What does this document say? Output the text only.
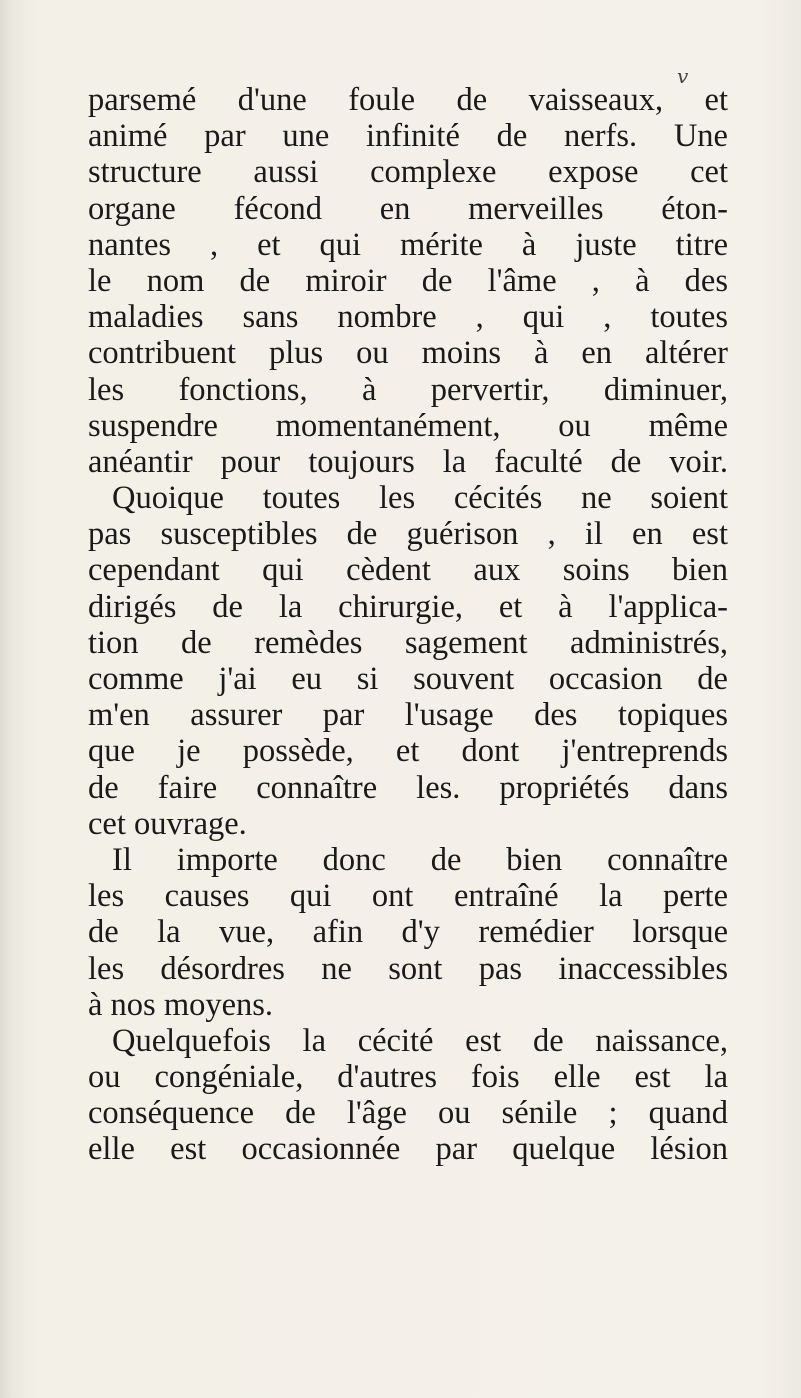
v
parsemé d'une foule de vaisseaux, et
animé par une infinité de nerfs. Une
structure aussi complexe expose cet
organe fécond en merveilles éton-
nantes , et qui mérite à juste titre
le nom de miroir de l'âme , à des
maladies sans nombre , qui , toutes
contribuent plus ou moins à en altérer
les fonctions, à pervertir, diminuer,
suspendre momentanément, ou même
anéantir pour toujours la faculté de voir.
Quoique toutes les cécités ne soient
pas susceptibles de guérison , il en est
cependant qui cèdent aux soins bien
dirigés de la chirurgie, et à l'applica-
tion de remèdes sagement administrés,
comme j'ai eu si souvent occasion de
m'en assurer par l'usage des topiques
que je possède, et dont j'entreprends
de faire connaître les. propriétés dans
cet ouvrage.
Il importe donc de bien connaître
les causes qui ont entraîné la perte
de la vue, afin d'y remédier lorsque
les désordres ne sont pas inaccessibles
à nos moyens.
Quelquefois la cécité est de naissance,
ou congéniale, d'autres fois elle est la
conséquence de l'âge ou sénile ; quand
elle est occasionnée par quelque lésion
